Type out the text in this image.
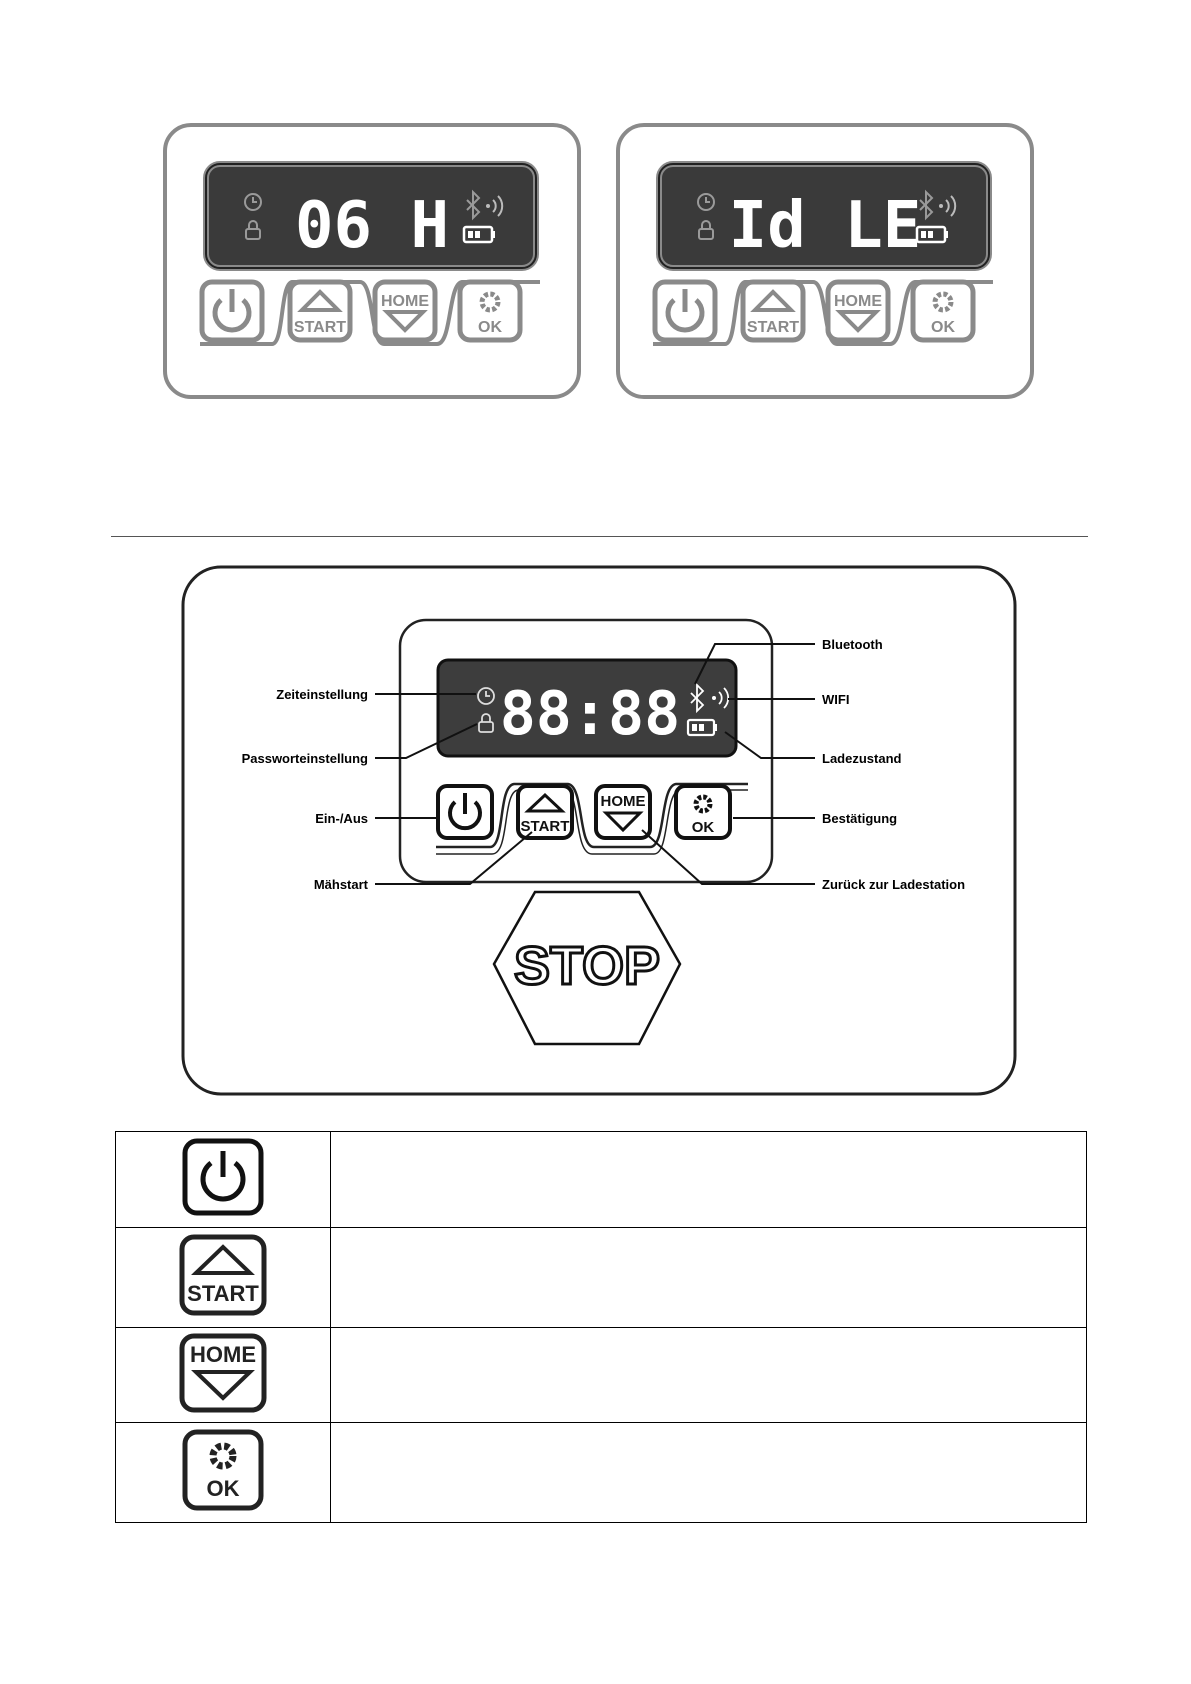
06 H
START
HOME
OK
Id LE
START
HOME
OK
88:88
START
HOME
OK
STOP
Zeiteinstellung
Passworteinstellung
Ein-/Aus
Mähstart
Bluetooth
WIFI
Ladezustand
Bestätigung
Zurück zur Ladestation

START	

HOME	

OK	
